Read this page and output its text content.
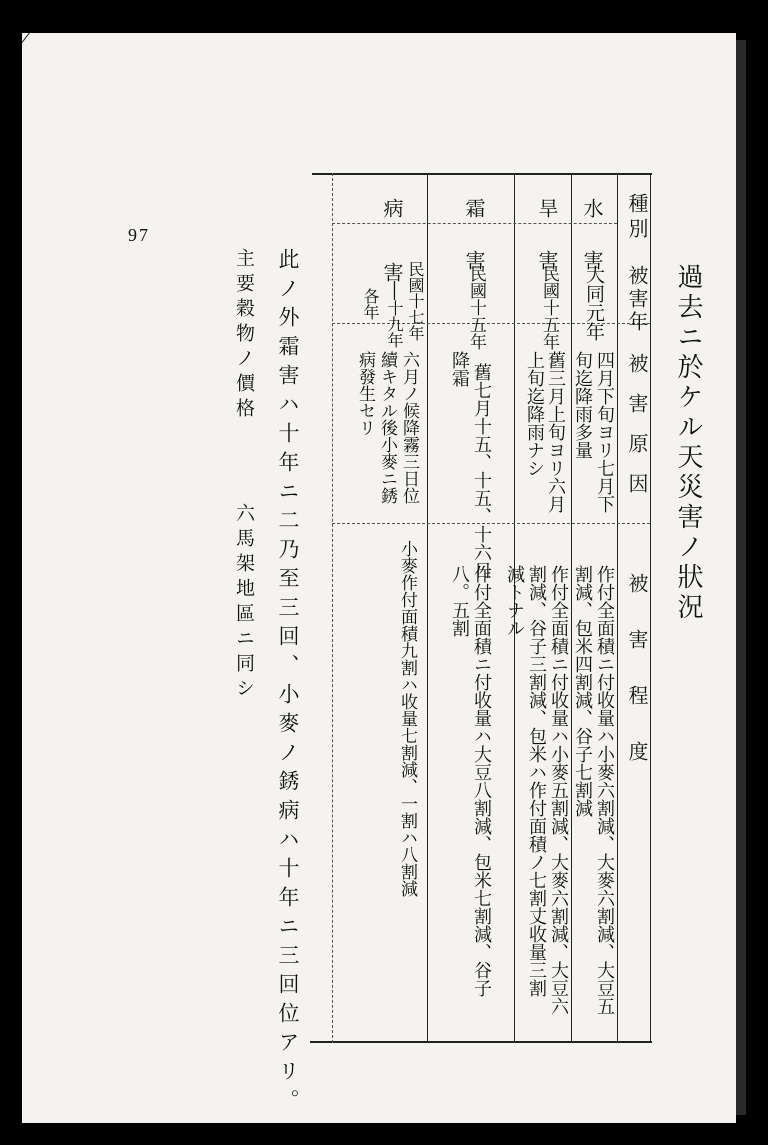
97
過去ニ於ケル天災害ノ狀況
種別
被害年
被　害　原　因
被　害　程　度
水　害
大同元年
四月下旬ヨリ七月下
旬迄降雨多量
作付全面積ニ付收量ハ小麥六割減、大麥六割減、大豆五
割減、包米四割減、谷子七割減
旱　害
民國十五年
舊三月上旬ヨリ六月
上旬迄降雨ナシ
作付全面積ニ付收量ハ小麥五割減、大麥六割減、大豆六
割減、谷子三割減、包米ハ作付面積ノ七割丈收量三割
減トナル
霜　害
民國十五年
舊七月十五、十五、十六日
降霜
作付全面積ニ付收量ハ大豆八割減、包米七割減、谷子
八。五割
病　害
民國十七年
│十九年
各年
六月ノ候降霧三日位
續キタル後小麥ニ銹
病發生セリ
小麥作付面積九割ハ收量七割減、一割ハ八割減
此ノ外霜害ハ十年ニ二乃至三回、小麥ノ銹病ハ十年ニ三回位アリ。
主要穀物ノ價格
六馬架地區ニ同シ
